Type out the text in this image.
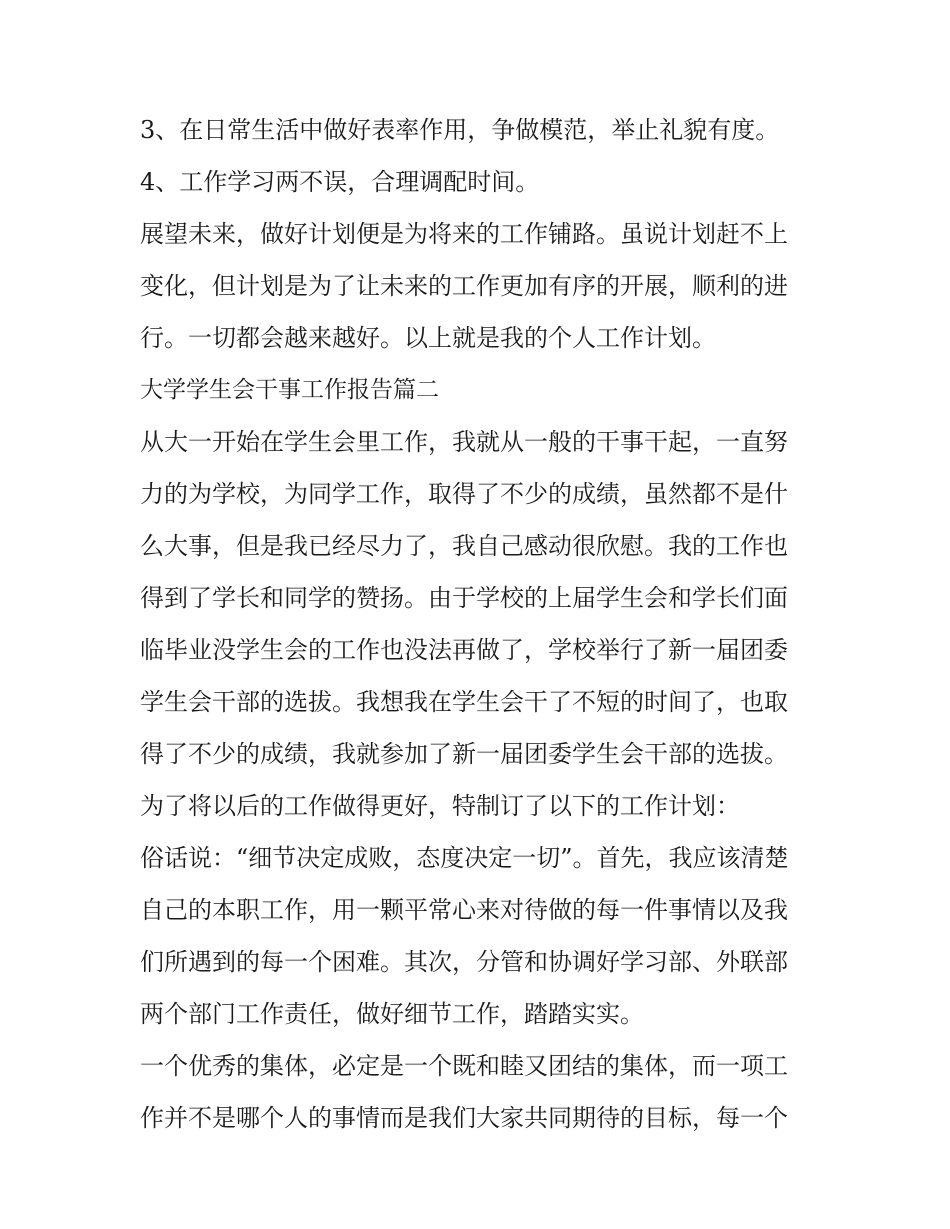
3、在日常生活中做好表率作用，争做模范，举止礼貌有度。
4、工作学习两不误，合理调配时间。
展望未来，做好计划便是为将来的工作铺路。虽说计划赶不上
变化，但计划是为了让未来的工作更加有序的开展，顺利的进
行。一切都会越来越好。以上就是我的个人工作计划。
大学学生会干事工作报告篇二
从大一开始在学生会里工作，我就从一般的干事干起，一直努
力的为学校，为同学工作，取得了不少的成绩，虽然都不是什
么大事，但是我已经尽力了，我自己感动很欣慰。我的工作也
得到了学长和同学的赞扬。由于学校的上届学生会和学长们面
临毕业没学生会的工作也没法再做了，学校举行了新一届团委
学生会干部的选拔。我想我在学生会干了不短的时间了，也取
得了不少的成绩，我就参加了新一届团委学生会干部的选拔。
为了将以后的工作做得更好，特制订了以下的工作计划：
俗话说：“细节决定成败，态度决定一切”。首先，我应该清楚
自己的本职工作，用一颗平常心来对待做的每一件事情以及我
们所遇到的每一个困难。其次，分管和协调好学习部、外联部
两个部门工作责任，做好细节工作，踏踏实实。
一个优秀的集体，必定是一个既和睦又团结的集体，而一项工
作并不是哪个人的事情而是我们大家共同期待的目标，每一个
